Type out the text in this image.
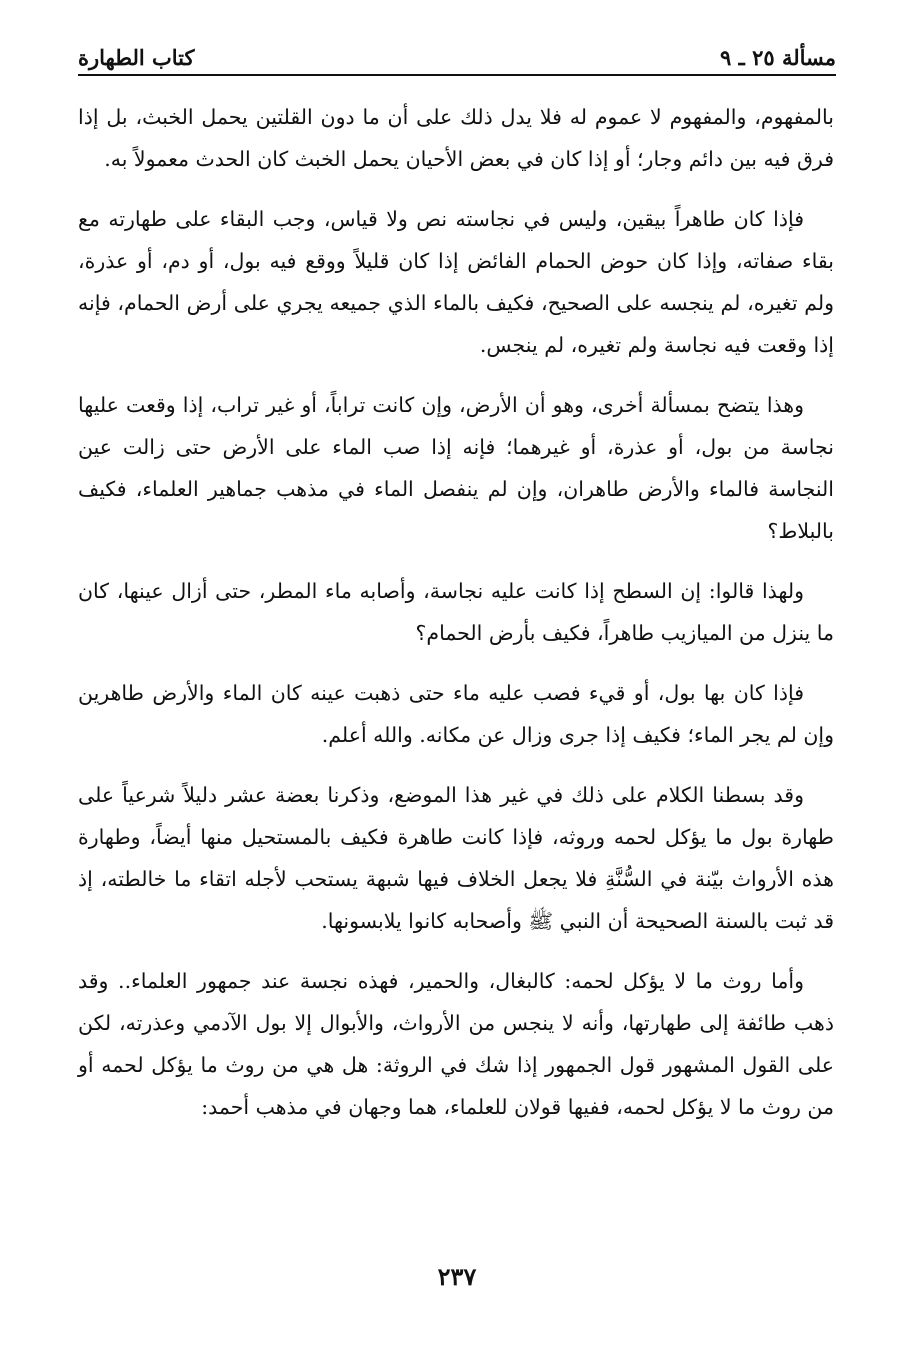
مسألة ٢٥ ـ ٩
كتاب الطهارة

بالمفهوم، والمفهوم لا عموم له فلا يدل ذلك على أن ما دون القلتين يحمل الخبث، بل إذا فرق فيه بين دائم وجار؛ أو إذا كان في بعض الأحيان يحمل الخبث كان الحدث معمولاً به.

فإذا كان طاهراً بيقين، وليس في نجاسته نص ولا قياس، وجب البقاء على طهارته مع بقاء صفاته، وإذا كان حوض الحمام الفائض إذا كان قليلاً ووقع فيه بول، أو دم، أو عذرة، ولم تغيره، لم ينجسه على الصحيح، فكيف بالماء الذي جميعه يجري على أرض الحمام، فإنه إذا وقعت فيه نجاسة ولم تغيره، لم ينجس.

وهذا يتضح بمسألة أخرى، وهو أن الأرض، وإن كانت تراباً، أو غير تراب، إذا وقعت عليها نجاسة من بول، أو عذرة، أو غيرهما؛ فإنه إذا صب الماء على الأرض حتى زالت عين النجاسة فالماء والأرض طاهران، وإن لم ينفصل الماء في مذهب جماهير العلماء، فكيف بالبلاط؟

ولهذا قالوا: إن السطح إذا كانت عليه نجاسة، وأصابه ماء المطر، حتى أزال عينها، كان ما ينزل من الميازيب طاهراً، فكيف بأرض الحمام؟

فإذا كان بها بول، أو قيء فصب عليه ماء حتى ذهبت عينه كان الماء والأرض طاهرين وإن لم يجر الماء؛ فكيف إذا جرى وزال عن مكانه. والله أعلم.

وقد بسطنا الكلام على ذلك في غير هذا الموضع، وذكرنا بعضة عشر دليلاً شرعياً على طهارة بول ما يؤكل لحمه وروثه، فإذا كانت طاهرة فكيف بالمستحيل منها أيضاً، وطهارة هذه الأرواث بيّنة في السُّنَّةِ فلا يجعل الخلاف فيها شبهة يستحب لأجله اتقاء ما خالطته، إذ قد ثبت بالسنة الصحيحة أن النبي ﷺ وأصحابه كانوا يلابسونها.

وأما روث ما لا يؤكل لحمه: كالبغال، والحمير، فهذه نجسة عند جمهور العلماء.. وقد ذهب طائفة إلى طهارتها، وأنه لا ينجس من الأرواث، والأبوال إلا بول الآدمي وعذرته، لكن على القول المشهور قول الجمهور إذا شك في الروثة: هل هي من روث ما يؤكل لحمه أو من روث ما لا يؤكل لحمه، ففيها قولان للعلماء، هما وجهان في مذهب أحمد:

٢٣٧
